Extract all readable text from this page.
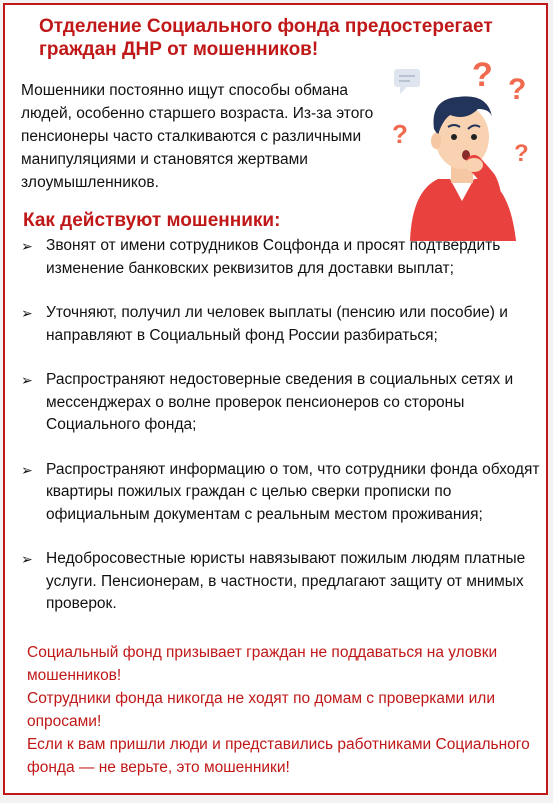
Отделение Социального фонда предостерегает граждан ДНР от мошенников!
Мошенники постоянно ищут способы обмана людей, особенно старшего возраста. Из-за этого пенсионеры часто сталкиваются с различными манипуляциями и становятся жертвами злоумышленников.
? ?
?
?
Как действуют мошенники:
➢ Звонят от имени сотрудников Соцфонда и просят подтвердить изменение банковских реквизитов для доставки выплат;
➢ Уточняют, получил ли человек выплаты (пенсию или пособие) и направляют в Социальный фонд России разбираться;
➢ Распространяют недостоверные сведения в социальных сетях и мессенджерах о волне проверок пенсионеров со стороны Социального фонда;
➢ Распространяют информацию о том, что сотрудники фонда обходят квартиры пожилых граждан с целью сверки прописки по официальным документам с реальным местом проживания;
➢ Недобросовестные юристы навязывают пожилым людям платные услуги. Пенсионерам, в частности, предлагают защиту от мнимых проверок.

Социальный фонд призывает граждан не поддаваться на уловки мошенников!

Сотрудники фонда никогда не ходят по домам с проверками или опросами!

Если к вам пришли люди и представились работниками Социального фонда — не верьте, это мошенники!
